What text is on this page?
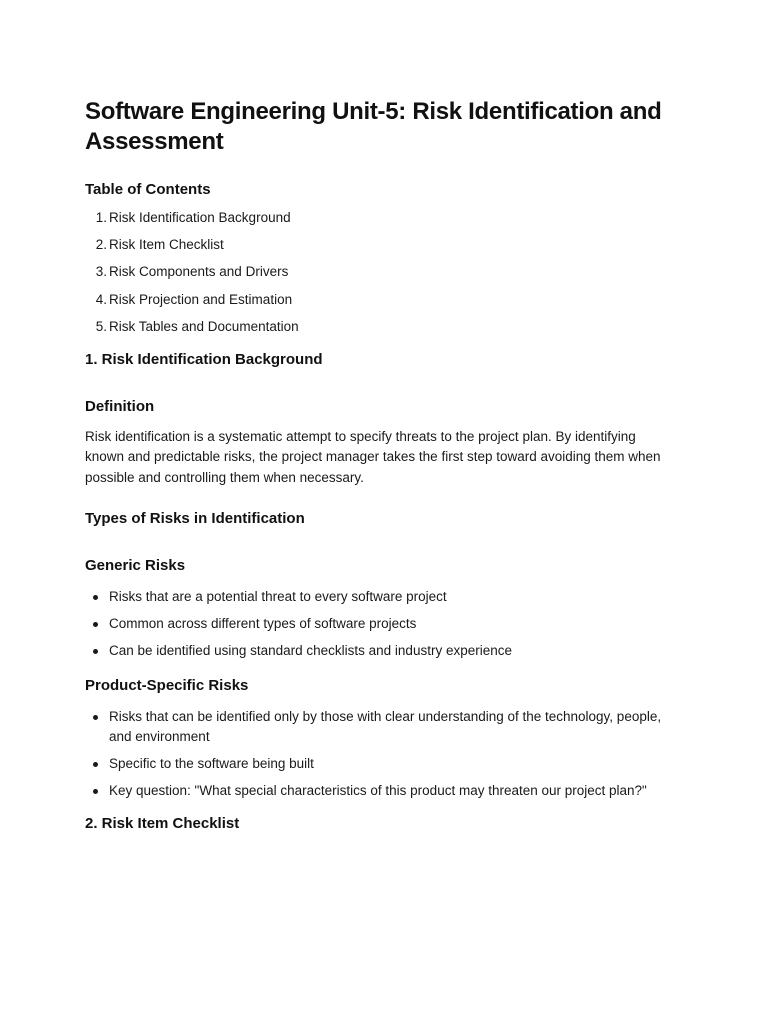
Software Engineering Unit-5: Risk Identification and Assessment
Table of Contents
1. Risk Identification Background
2. Risk Item Checklist
3. Risk Components and Drivers
4. Risk Projection and Estimation
5. Risk Tables and Documentation
1. Risk Identification Background
Definition

Risk identification is a systematic attempt to specify threats to the project plan. By identifying known and predictable risks, the project manager takes the first step toward avoiding them when possible and controlling them when necessary.

Types of Risks in Identification
Generic Risks
Risks that are a potential threat to every software project
Common across different types of software projects
Can be identified using standard checklists and industry experience
Product-Specific Risks
Risks that can be identified only by those with clear understanding of the technology, people, and environment
Specific to the software being built
Key question: "What special characteristics of this product may threaten our project plan?"
2. Risk Item Checklist
